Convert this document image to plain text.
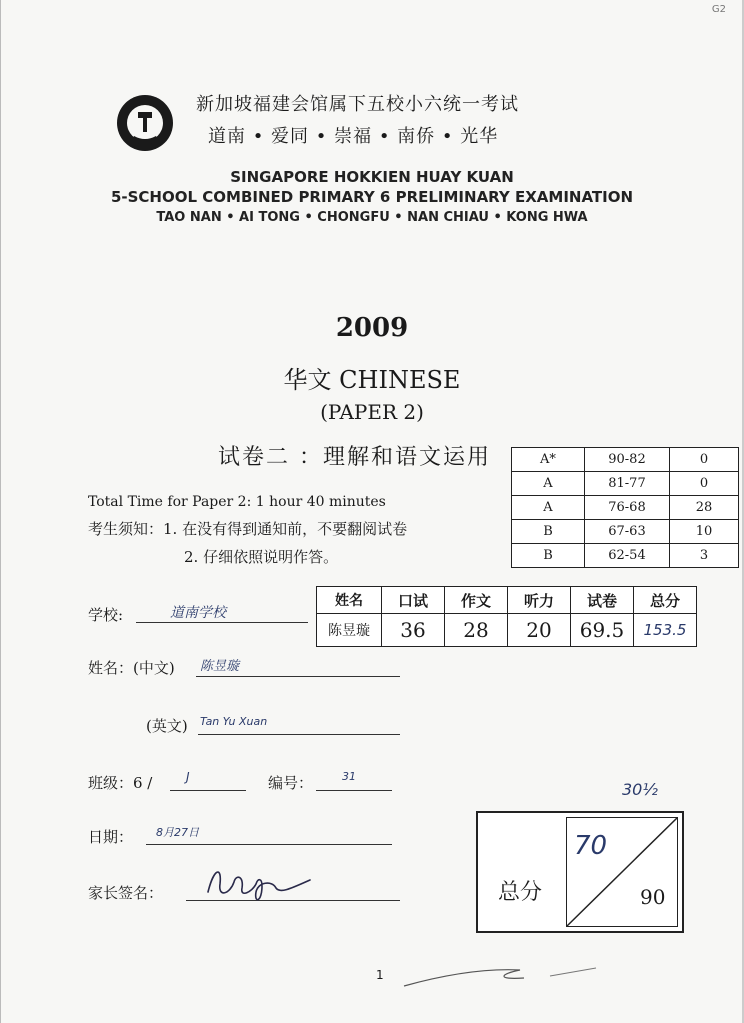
G2
新加坡福建会馆属下五校小六统一考试
道南 • 爱同 • 崇福 • 南侨 • 光华
SINGAPORE HOKKIEN HUAY KUAN
5-SCHOOL COMBINED PRIMARY 6 PRELIMINARY EXAMINATION
TAO NAN • AI TONG • CHONGFU • NAN CHIAU • KONG HWA
2009
华文 CHINESE
(PAPER 2)
试卷二 ：理解和语文运用
Total Time for Paper 2: 1 hour 40 minutes
考生须知：1. 在没有得到通知前，不要翻阅试卷
2. 仔细依照说明作答。
A*	90-82	0
A	81-77	0
A	76-68	28
B	67-63	10
B	62-54	3
姓名	口试	作文	听力	试卷	总分
陈昱璇	36	28	20	69.5	153.5
学校:	道南学校
姓名：(中文) 陈昱璇
(英文) Tan Yu Xuan
班级：6 /	J	编号：	31
日期： 8月27日
家长签名：
30½
总分
70
90
1
